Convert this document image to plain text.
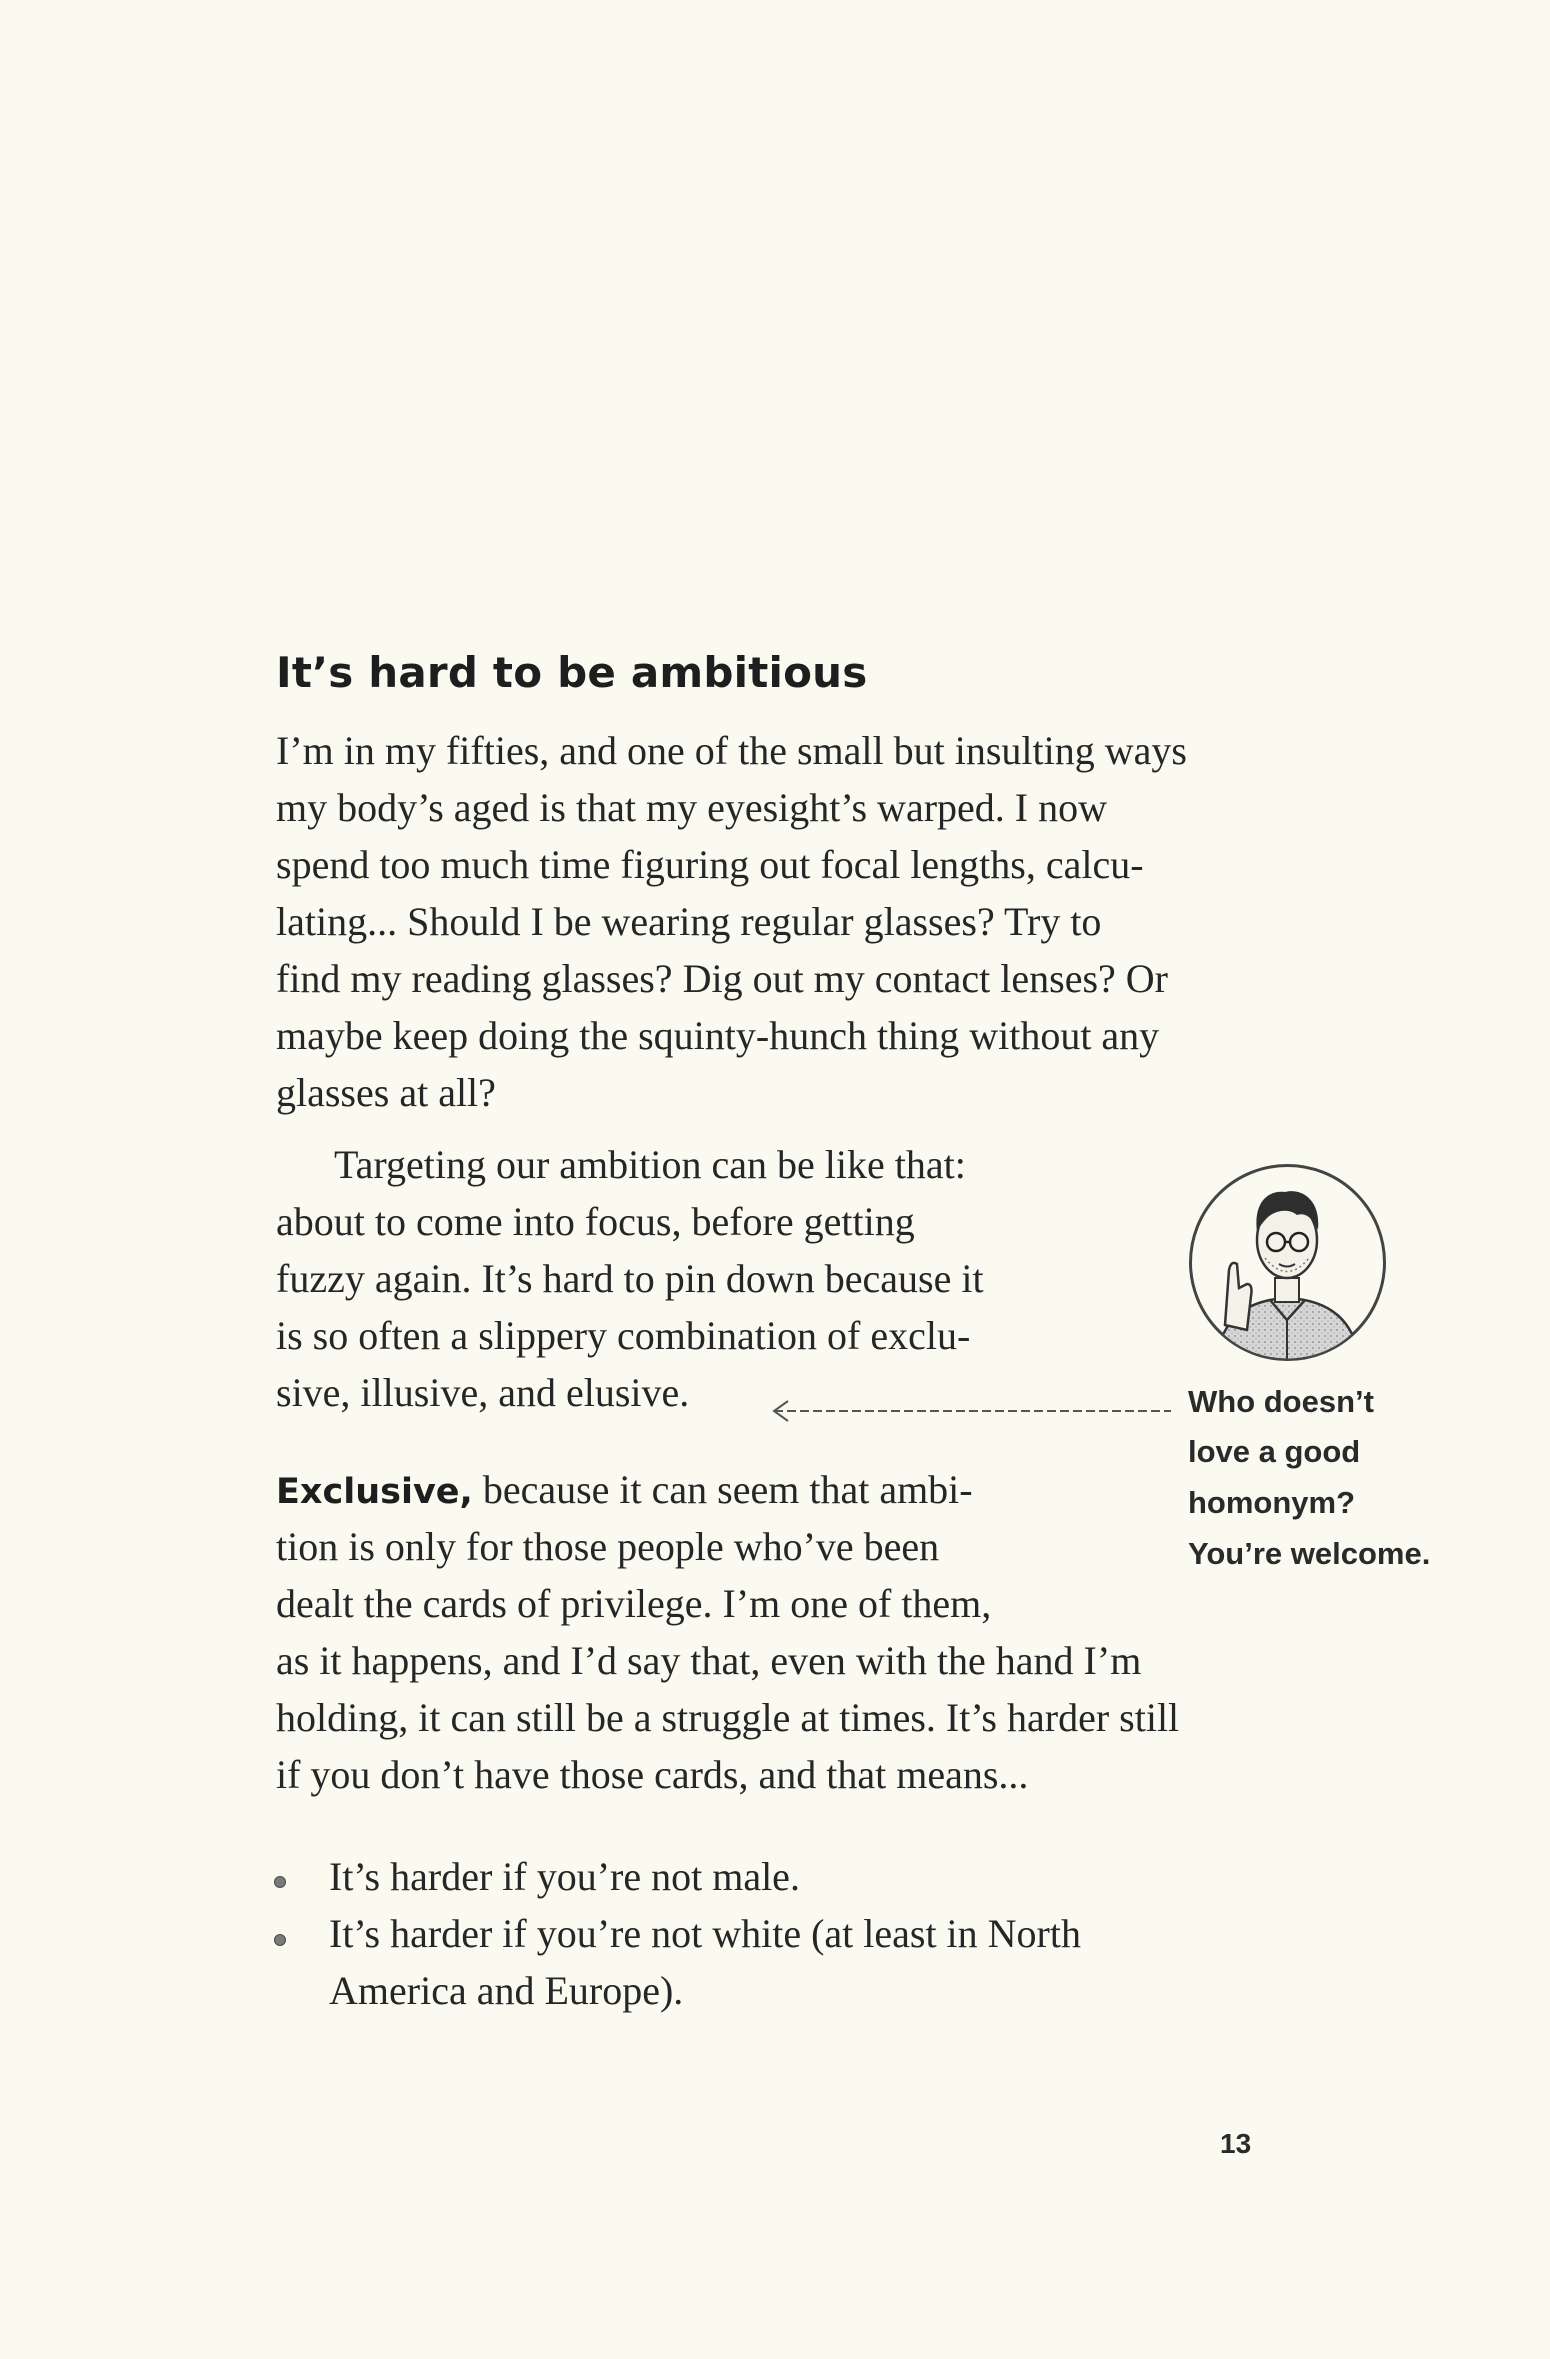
It’s hard to be ambitious

I’m in my fifties, and one of the small but insulting ways

my body’s aged is that my eyesight’s warped. I now

spend too much time figuring out focal lengths, calcu-

lating... Should I be wearing regular glasses? Try to

find my reading glasses? Dig out my contact lenses? Or

maybe keep doing the squinty-hunch thing without any

glasses at all?

Targeting our ambition can be like that:

about to come into focus, before getting

fuzzy again. It’s hard to pin down because it

is so often a slippery combination of exclu-

sive, illusive, and elusive.

Exclusive, because it can seem that ambi-

tion is only for those people who’ve been

dealt the cards of privilege. I’m one of them,

as it happens, and I’d say that, even with the hand I’m

holding, it can still be a struggle at times. It’s harder still

if you don’t have those cards, and that means...

It’s harder if you’re not male.

It’s harder if you’re not white (at least in North

America and Europe).

Who doesn’t

love a good

homonym?

You’re welcome.

13
